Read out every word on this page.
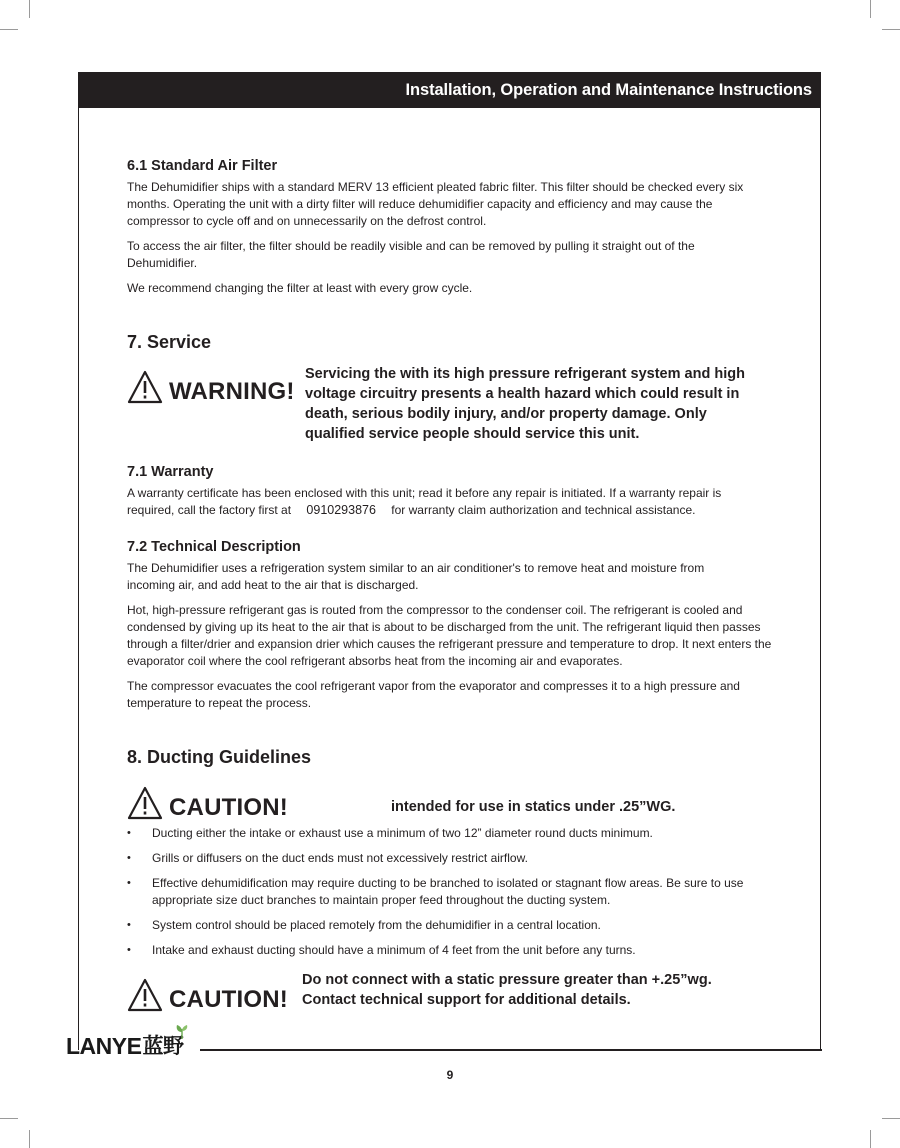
Installation, Operation and Maintenance Instructions
6.1 Standard Air Filter

The Dehumidifier ships with a standard MERV 13 efficient pleated fabric filter. This filter should be checked every six months. Operating the unit with a dirty filter will reduce dehumidifier capacity and efficiency and may cause the compressor to cycle off and on unnecessarily on the defrost control.

To access the air filter, the filter should be readily visible and can be removed by pulling it straight out of the Dehumidifier.

We recommend changing the filter at least with every grow cycle.

7. Service
WARNING!
Servicing the with its high pressure refrigerant system and high voltage circuitry presents a health hazard which could result in death, serious bodily injury, and/or property damage. Only qualified service people should service this unit.
7.1 Warranty

A warranty certificate has been enclosed with this unit; read it before any repair is initiated. If a warranty repair is required, call the factory first at 0910293876 for warranty claim authorization and technical assistance.

7.2 Technical Description

The Dehumidifier uses a refrigeration system similar to an air conditioner's to remove heat and moisture from incoming air, and add heat to the air that is discharged.

Hot, high-pressure refrigerant gas is routed from the compressor to the condenser coil. The refrigerant is cooled and condensed by giving up its heat to the air that is about to be discharged from the unit. The refrigerant liquid then passes through a filter/drier and expansion drier which causes the refrigerant pressure and temperature to drop. It next enters the evaporator coil where the cool refrigerant absorbs heat from the incoming air and evaporates.

The compressor evacuates the cool refrigerant vapor from the evaporator and compresses it to a high pressure and temperature to repeat the process.

8. Ducting Guidelines
CAUTION!	intended for use in statics under .25”WG.
• Ducting either the intake or exhaust use a minimum of two 12” diameter round ducts minimum.
• Grills or diffusers on the duct ends must not excessively restrict airflow.
• Effective dehumidification may require ducting to be branched to isolated or stagnant flow areas. Be sure to use appropriate size duct branches to maintain proper feed throughout the ducting system.
• System control should be placed remotely from the dehumidifier in a central location.
• Intake and exhaust ducting should have a minimum of 4 feet from the unit before any turns.
CAUTION!
Do not connect with a static pressure greater than +.25”wg. Contact technical support for additional details.
LANYE 蓝野
9
